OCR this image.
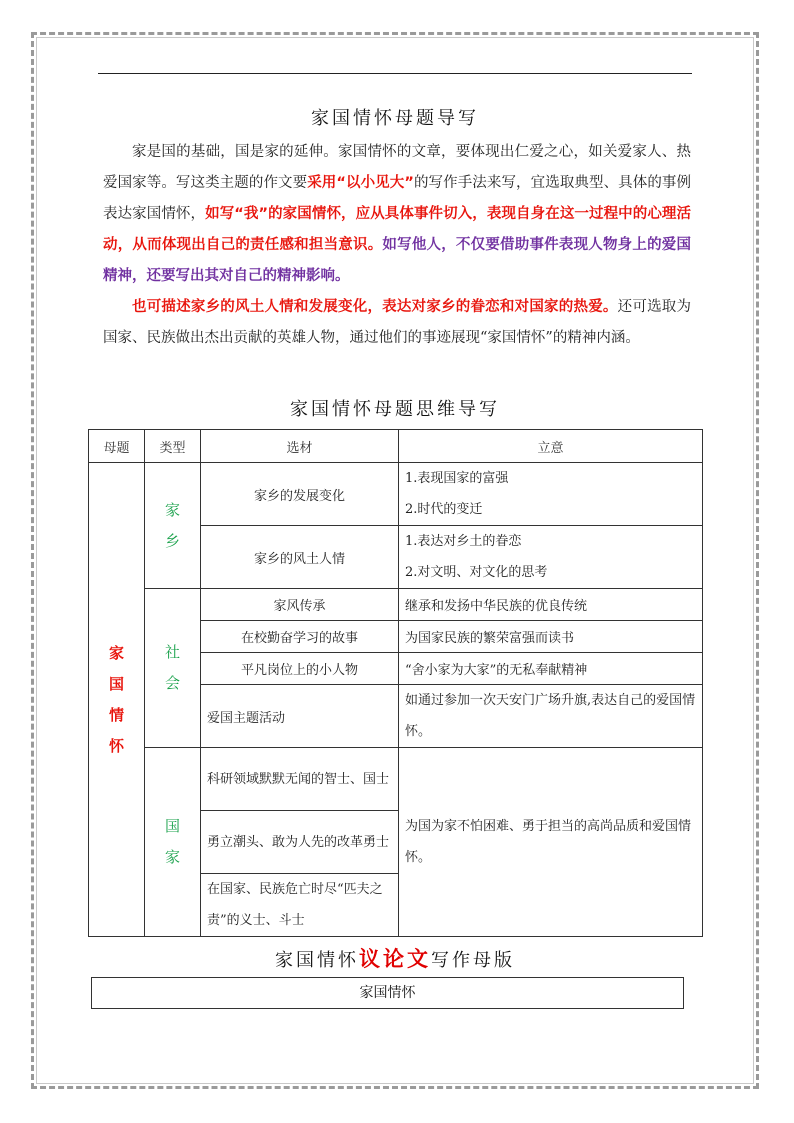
家国情怀母题导写

家是国的基础，国是家的延伸。家国情怀的文章，要体现出仁爱之心，如关爱家人、热爱国家等。写这类主题的作文要采用“以小见大”的写作手法来写，宜选取典型、具体的事例表达家国情怀，如写“我”的家国情怀，应从具体事件切入，表现自身在这一过程中的心理活动，从而体现出自己的责任感和担当意识。如写他人，不仅要借助事件表现人物身上的爱国精神，还要写出其对自己的精神影响。

也可描述家乡的风土人情和发展变化，表达对家乡的眷恋和对国家的热爱。还可选取为国家、民族做出杰出贡献的英雄人物，通过他们的事迹展现“家国情怀”的精神内涵。

家国情怀母题思维导写
母题	类型	选材	立意
家国情怀	家乡	家乡的发展变化	1.表现国家的富强
2.时代的变迁

		家乡的风土人情	1.表达对乡土的眷恋
2.对文明、对文化的思考

	社会	家风传承	继承和发扬中华民族的优良传统
		在校勤奋学习的故事	为国家民族的繁荣富强而读书
		平凡岗位上的小人物	“舍小家为大家”的无私奉献精神
		爱国主题活动	如通过参加一次天安门广场升旗,表达自己的爱国情怀。
	国家	科研领域默默无闻的智士、国士	为国为家不怕困难、勇于担当的高尚品质和爱国情怀。
		勇立潮头、敢为人先的改革勇士	
		在国家、民族危亡时尽“匹夫之责”的义士、斗士	
家国情怀议论文写作母版
家国情怀
